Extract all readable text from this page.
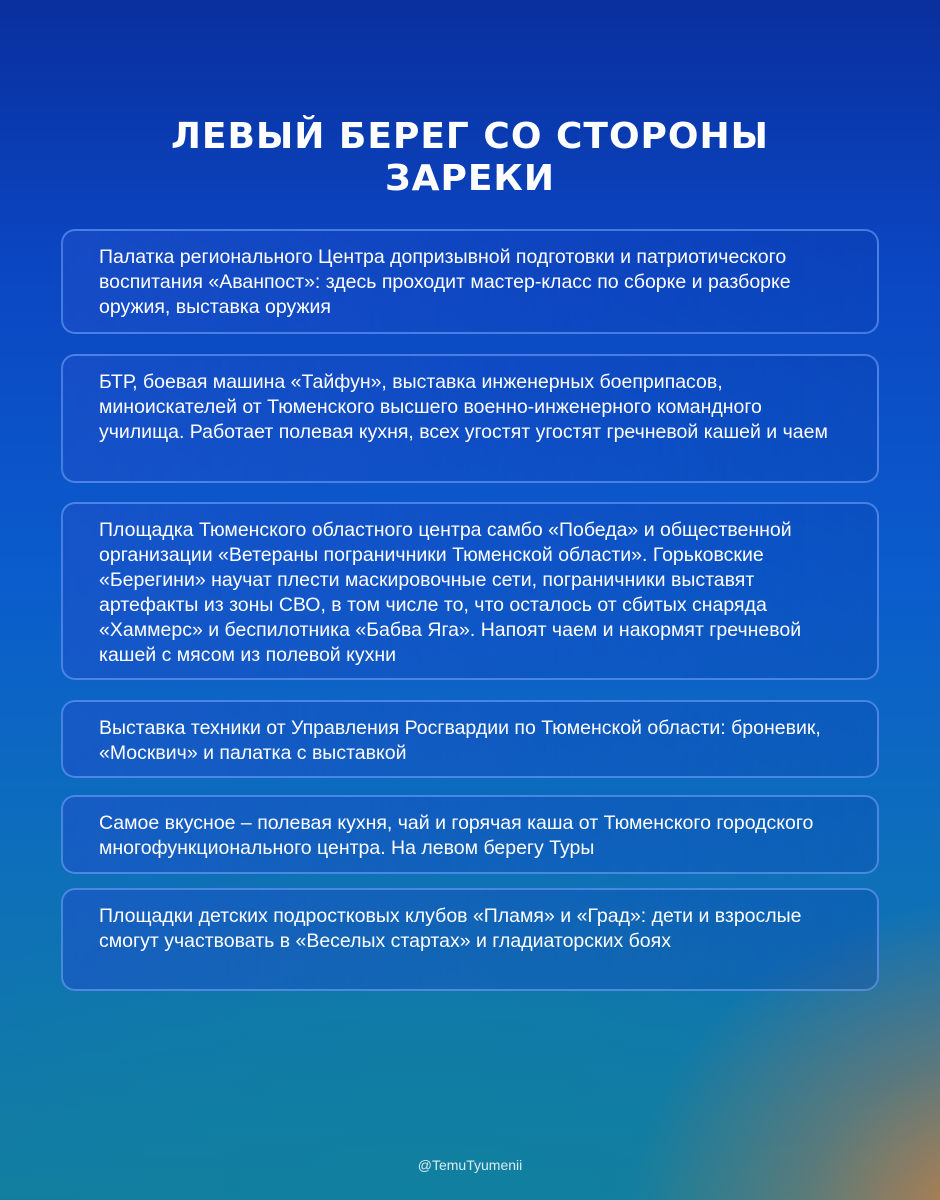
ЛЕВЫЙ БЕРЕГ СО СТОРОНЫ
ЗАРЕКИ

Палатка регионального Центра допризывной подготовки и патриотического воспитания «Аванпост»: здесь проходит мастер-класс по сборке и разборке оружия, выставка оружия

БТР, боевая машина «Тайфун», выставка инженерных боеприпасов, миноискателей от Тюменского высшего военно-инженерного командного училища. Работает полевая кухня, всех угостят угостят гречневой кашей и чаем

Площадка Тюменского областного центра самбо «Победа» и общественной организации «Ветераны пограничники Тюменской области». Горьковские «Берегини» научат плести маскировочные сети, пограничники выставят артефакты из зоны СВО, в том числе то, что осталось от сбитых снаряда «Хаммерс» и беспилотника «Бабва Яга». Напоят чаем и накормят гречневой кашей с мясом из полевой кухни

Выставка техники от Управления Росгвардии по Тюменской области: броневик, «Москвич» и палатка с выставкой

Самое вкусное – полевая кухня, чай и горячая каша от Тюменского городского многофункционального центра. На левом берегу Туры

Площадки детских подростковых клубов «Пламя» и «Град»: дети и взрослые смогут участвовать в «Веселых стартах» и гладиаторских боях

@TemuTyumenii
